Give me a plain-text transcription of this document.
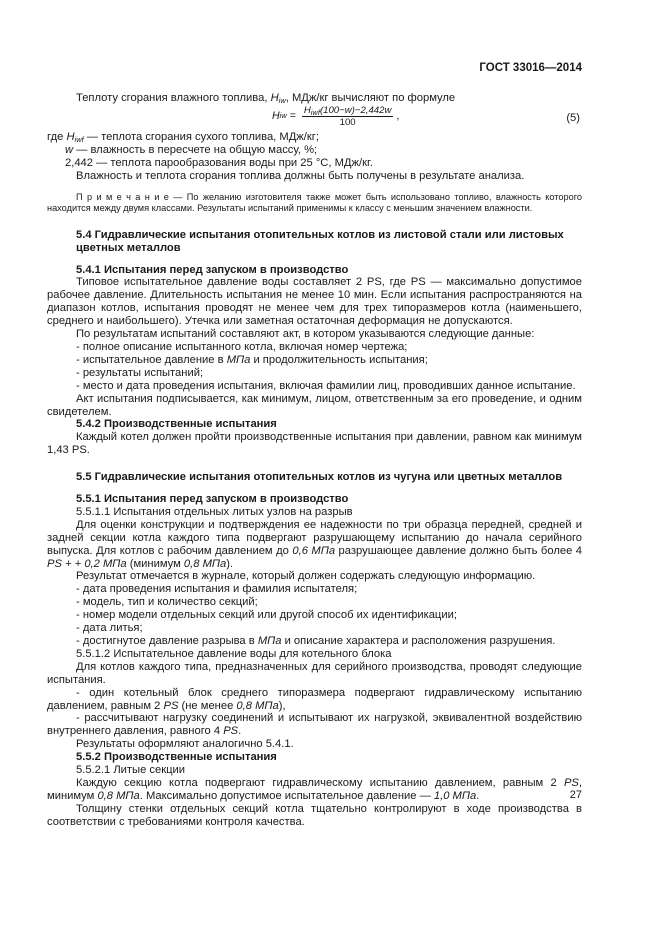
ГОСТ 33016—2014

Теплоту сгорания влажного топлива, $H_{iw}$, МДж/кг вычисляют по формуле

H iw = $\frac{H_{iwf}(100-w)-2,442w}{100}$ ,	(5)

где $H_{iwf}$ — теплота сгорания сухого топлива, МДж/кг;

w — влажность в пересчете на общую массу, %;

2,442 — теплота парообразования воды при 25 °С, МДж/кг.

Влажность и теплота сгорания топлива должны быть получены в результате анализа.

П р и м е ч а н и е — По желанию изготовителя также может быть использовано топливо, влажность которого находится между двумя классами. Результаты испытаний применимы к классу с меньшим значением влажности.

5.4 Гидравлические испытания отопительных котлов из листовой стали или листовых цветных металлов

5.4.1 Испытания перед запуском в производство

Типовое испытательное давление воды составляет 2 PS, где PS — максимально допустимое рабочее давление. Длительность испытания не менее 10 мин. Если испытания распространяются на диапазон котлов, испытания проводят не менее чем для трех типоразмеров котла (наименьшего, среднего и наибольшего). Утечка или заметная остаточная деформация не допускаются.

По результатам испытаний составляют акт, в котором указываются следующие данные:

- полное описание испытанного котла, включая номер чертежа;

- испытательное давление в МПа и продолжительность испытания;

- результаты испытаний;

- место и дата проведения испытания, включая фамилии лиц, проводивших данное испытание.

Акт испытания подписывается, как минимум, лицом, ответственным за его проведение, и одним свидетелем.

5.4.2 Производственные испытания

Каждый котел должен пройти производственные испытания при давлении, равном как минимум 1,43 PS.

5.5 Гидравлические испытания отопительных котлов из чугуна или цветных металлов

5.5.1 Испытания перед запуском в производство

5.5.1.1 Испытания отдельных литых узлов на разрыв

Для оценки конструкции и подтверждения ее надежности по три образца передней, средней и задней секции котла каждого типа подвергают разрушающему испытанию до начала серийного выпуска. Для котлов с рабочим давлением до 0,6 МПа разрушающее давление должно быть более 4 PS + + 0,2 МПа (минимум 0,8 МПа).

Результат отмечается в журнале, который должен содержать следующую информацию.

- дата проведения испытания и фамилия испытателя;

- модель, тип и количество секций;

- номер модели отдельных секций или другой способ их идентификации;

- дата литья;

- достигнутое давление разрыва в МПа и описание характера и расположения разрушения.

5.5.1.2 Испытательное давление воды для котельного блока

Для котлов каждого типа, предназначенных для серийного производства, проводят следующие испытания.

- один котельный блок среднего типоразмера подвергают гидравлическому испытанию давлением, равным 2 PS (не менее 0,8 МПа),

- рассчитывают нагрузку соединений и испытывают их нагрузкой, эквивалентной воздействию внутреннего давления, равного 4 PS.

Результаты оформляют аналогично 5.4.1.

5.5.2 Производственные испытания

5.5.2.1 Литые секции

Каждую секцию котла подвергают гидравлическому испытанию давлением, равным 2 PS, минимум 0,8 МПа. Максимально допустимое испытательное давление — 1,0 МПа.

Толщину стенки отдельных секций котла тщательно контролируют в ходе производства в соответствии с требованиями контроля качества.

27
